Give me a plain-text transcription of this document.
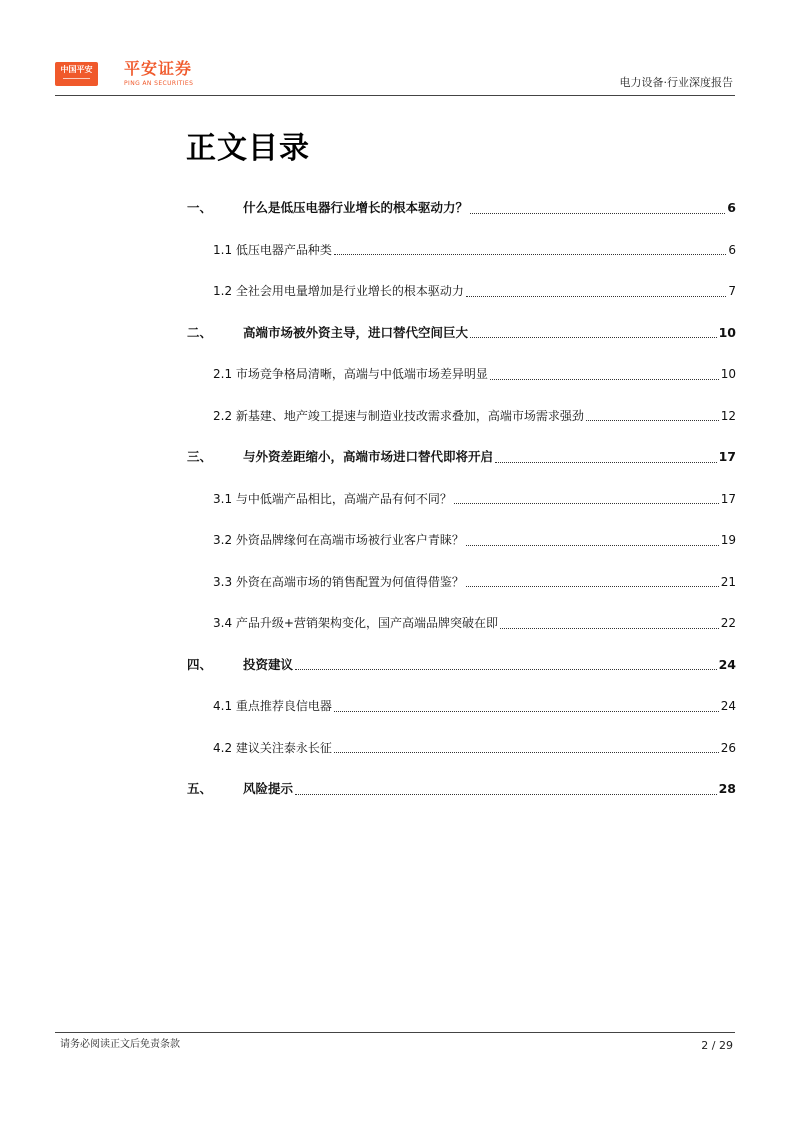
中国平安	平安证券
PING AN SECURITIES	电力设备·行业深度报告
正文目录
一、	什么是低压电器行业增长的根本驱动力？	6
1.1 低压电器产品种类	6
1.2 全社会用电量增加是行业增长的根本驱动力	7
二、	高端市场被外资主导，进口替代空间巨大	10
2.1 市场竞争格局清晰，高端与中低端市场差异明显	10
2.2 新基建、地产竣工提速与制造业技改需求叠加，高端市场需求强劲	12
三、	与外资差距缩小，高端市场进口替代即将开启	17
3.1 与中低端产品相比，高端产品有何不同？	17
3.2 外资品牌缘何在高端市场被行业客户青睐？	19
3.3 外资在高端市场的销售配置为何值得借鉴？	21
3.4 产品升级+营销架构变化，国产高端品牌突破在即	22
四、	投资建议	24
4.1 重点推荐良信电器	24
4.2 建议关注泰永长征	26
五、	风险提示	28
请务必阅读正文后免责条款	2 / 29
